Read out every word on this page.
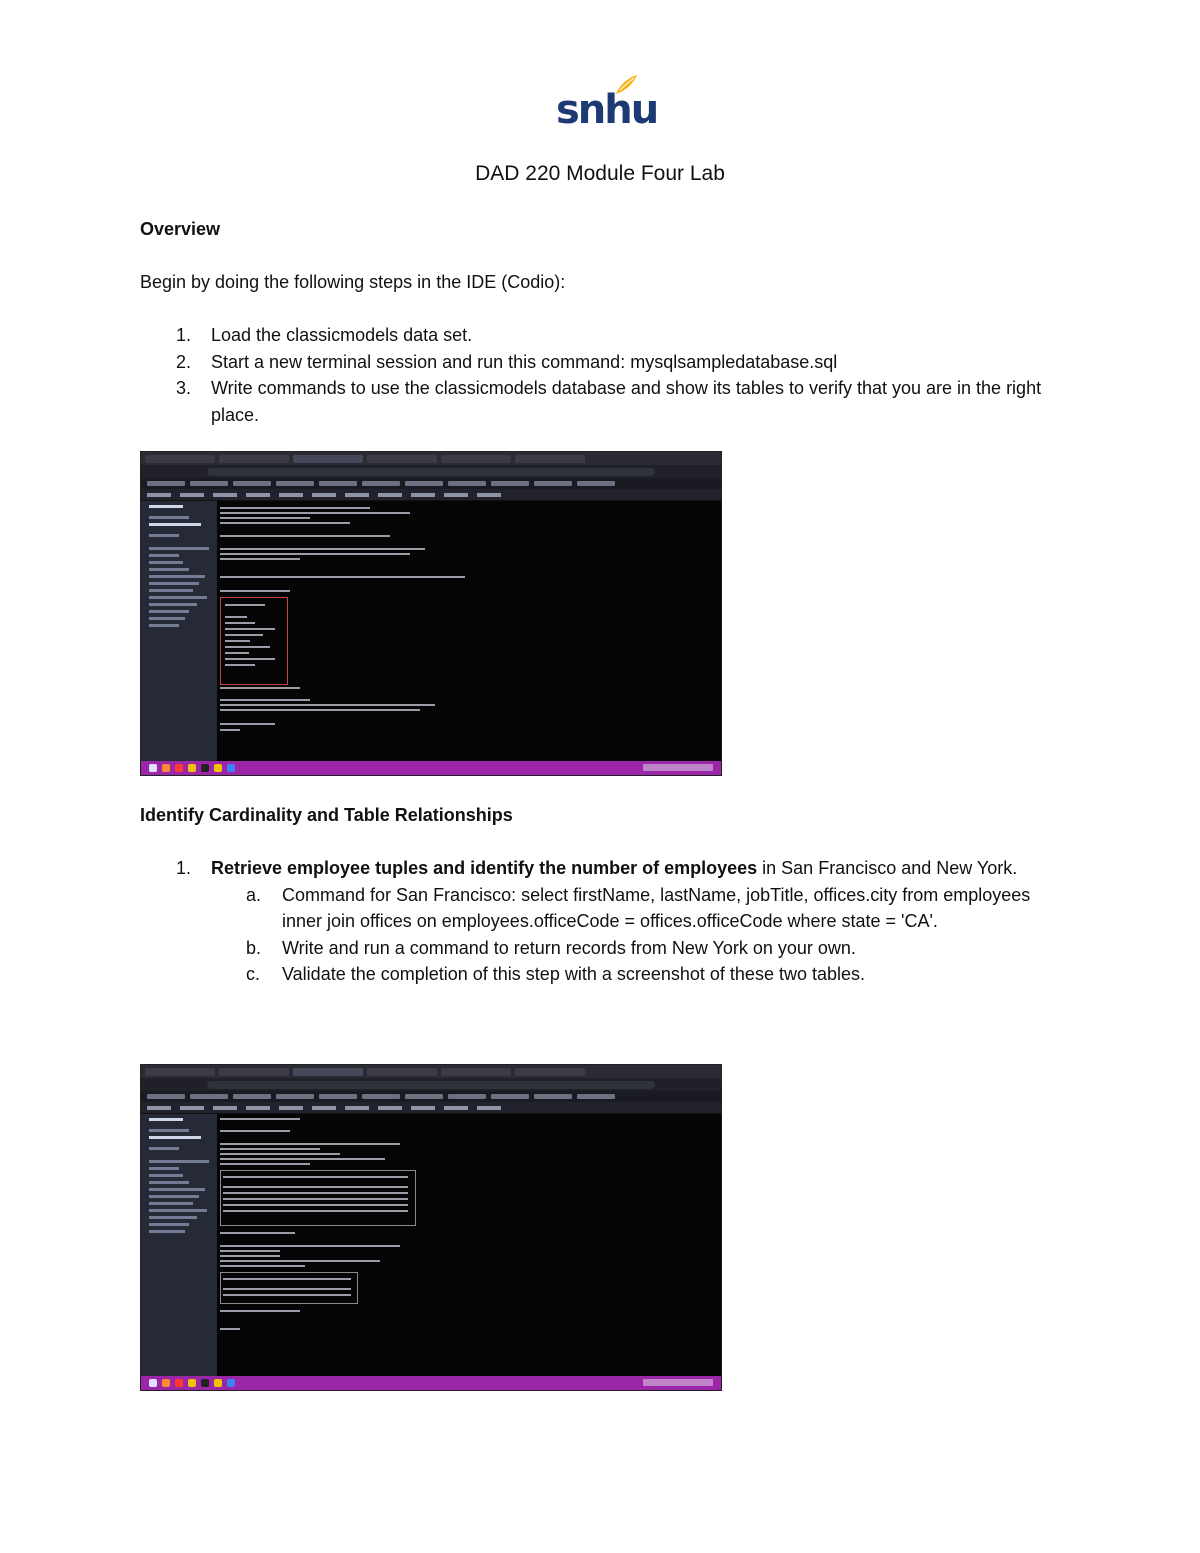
snhu
DAD 220 Module Four Lab
Overview
Begin by doing the following steps in the IDE (Codio):
1.	Load the classicmodels data set.
2.	Start a new terminal session and run this command: mysqlsampledatabase.sql
3.	Write commands to use the classicmodels database and show its tables to verify that you are in the right place.
Identify Cardinality and Table Relationships
1.	Retrieve employee tuples and identify the number of employees in San Francisco and New York.
a.	Command for San Francisco: select firstName, lastName, jobTitle, offices.city from employees inner join offices on employees.officeCode = offices.officeCode where state = 'CA'.
b.	Write and run a command to return records from New York on your own.
c.	Validate the completion of this step with a screenshot of these two tables.
